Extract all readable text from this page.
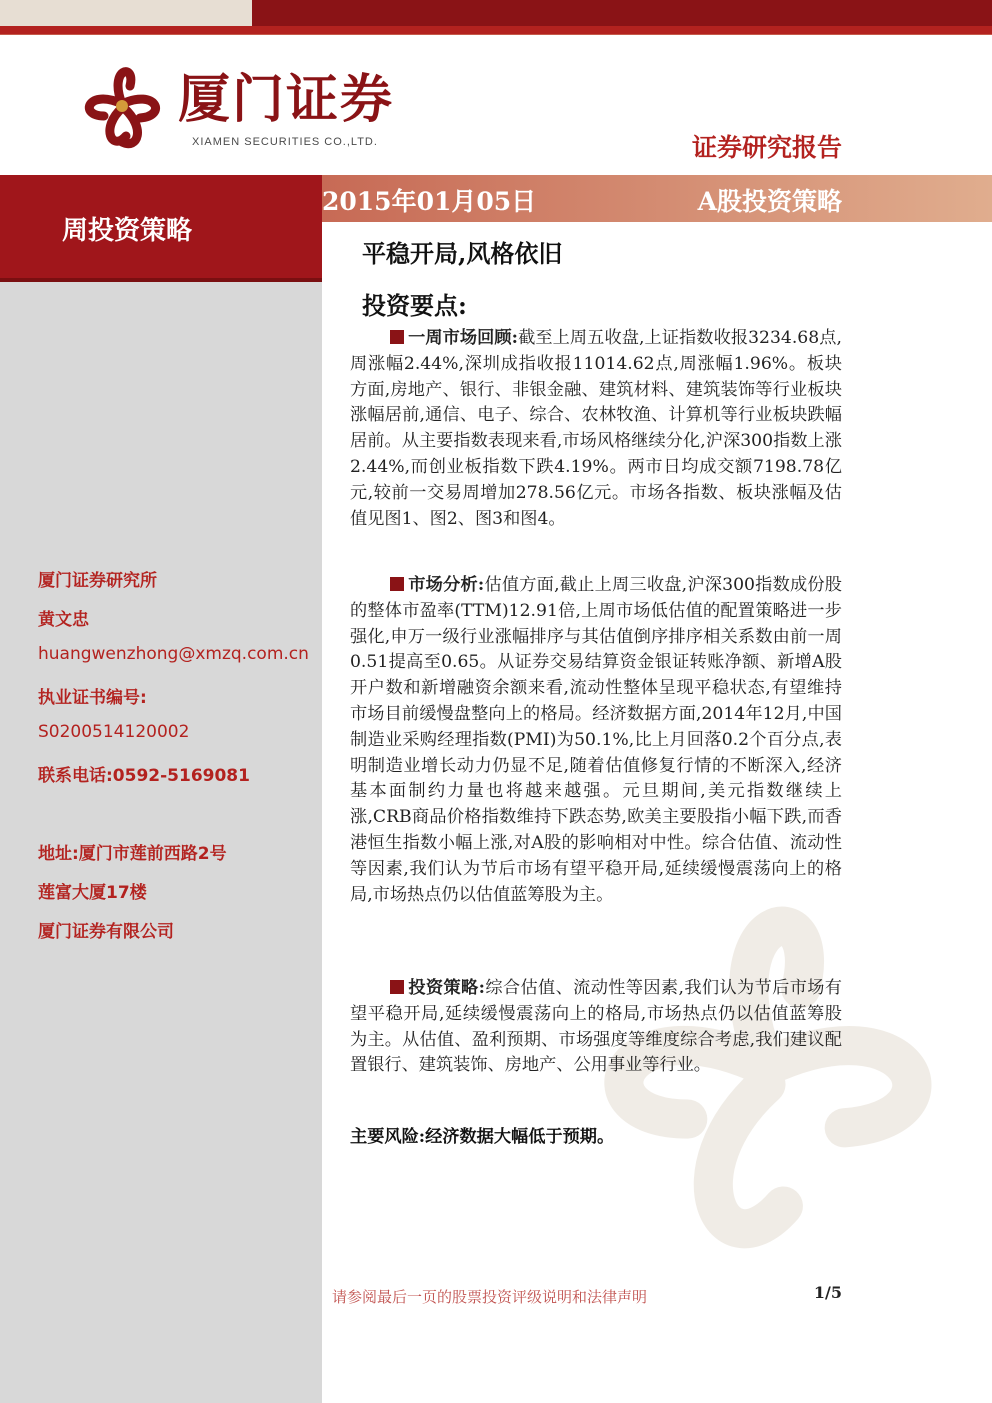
厦门证券
XIAMEN SECURITIES CO.,LTD.	证券研究报告
周投资策略
2015年01月05日	A股投资策略
厦门证券研究所
黄文忠
huangwenzhong@xmzq.com.cn
执业证书编号:
S0200514120002
联系电话:0592-5169081
地址:厦门市莲前西路2号
莲富大厦17楼
厦门证券有限公司
平稳开局,风格依旧
投资要点:
一周市场回顾:截至上周五收盘,上证指数收报3234.68点,周涨幅2.44%,深圳成指收报11014.62点,周涨幅1.96%。板块方面,房地产、银行、非银金融、建筑材料、建筑装饰等行业板块涨幅居前,通信、电子、综合、农林牧渔、计算机等行业板块跌幅居前。从主要指数表现来看,市场风格继续分化,沪深300指数上涨2.44%,而创业板指数下跌4.19%。两市日均成交额7198.78亿元,较前一交易周增加278.56亿元。市场各指数、板块涨幅及估值见图1、图2、图3和图4。
市场分析:估值方面,截止上周三收盘,沪深300指数成份股的整体市盈率(TTM)12.91倍,上周市场低估值的配置策略进一步强化,申万一级行业涨幅排序与其估值倒序排序相关系数由前一周0.51提高至0.65。从证券交易结算资金银证转账净额、新增A股开户数和新增融资余额来看,流动性整体呈现平稳状态,有望维持市场目前缓慢盘整向上的格局。经济数据方面,2014年12月,中国制造业采购经理指数(PMI)为50.1%,比上月回落0.2个百分点,表明制造业增长动力仍显不足,随着估值修复行情的不断深入,经济基本面制约力量也将越来越强。元旦期间,美元指数继续上涨,CRB商品价格指数维持下跌态势,欧美主要股指小幅下跌,而香港恒生指数小幅上涨,对A股的影响相对中性。综合估值、流动性等因素,我们认为节后市场有望平稳开局,延续缓慢震荡向上的格局,市场热点仍以估值蓝筹股为主。
投资策略:综合估值、流动性等因素,我们认为节后市场有望平稳开局,延续缓慢震荡向上的格局,市场热点仍以估值蓝筹股为主。从估值、盈利预期、市场强度等维度综合考虑,我们建议配置银行、建筑装饰、房地产、公用事业等行业。
主要风险:经济数据大幅低于预期。
请参阅最后一页的股票投资评级说明和法律声明	1/5
